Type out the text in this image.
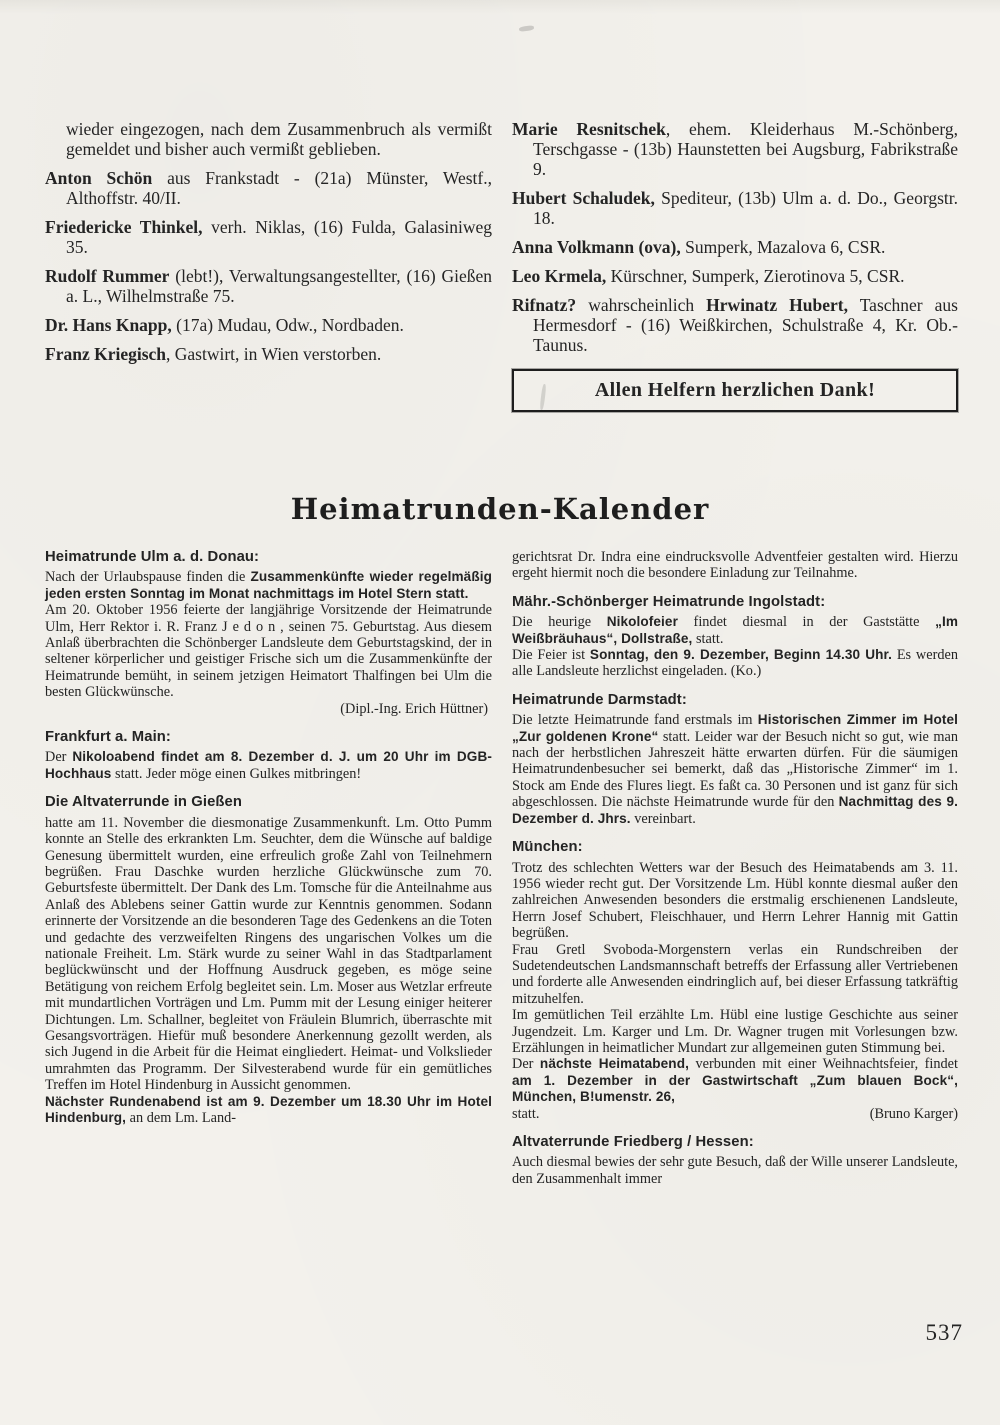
wieder eingezogen, nach dem Zusammenbruch als vermißt gemeldet und bisher auch vermißt geblieben.
Anton Schön aus Frankstadt - (21a) Münster, Westf., Althoffstr. 40/II.
Friedericke Thinkel, verh. Niklas, (16) Fulda, Galasiniweg 35.
Rudolf Rummer (lebt!), Verwaltungsangestellter, (16) Gießen a. L., Wilhelmstraße 75.
Dr. Hans Knapp, (17a) Mudau, Odw., Nordbaden.
Franz Kriegisch, Gastwirt, in Wien verstorben.
Marie Resnitschek, ehem. Kleiderhaus M.-Schönberg, Terschgasse - (13b) Haunstetten bei Augsburg, Fabrikstraße 9.
Hubert Schaludek, Spediteur, (13b) Ulm a. d. Do., Georgstr. 18.
Anna Volkmann (ova), Sumperk, Mazalova 6, CSR.
Leo Krmela, Kürschner, Sumperk, Zierotinova 5, CSR.
Rifnatz? wahrscheinlich Hrwinatz Hubert, Taschner aus Hermesdorf - (16) Weißkirchen, Schulstraße 4, Kr. Ob.-Taunus.
Allen Helfern herzlichen Dank!
Heimatrunden-Kalender
Heimatrunde Ulm a. d. Donau:

Nach der Urlaubspause finden die Zusammenkünfte wieder regelmäßig jeden ersten Sonntag im Monat nachmittags im Hotel Stern statt.

Am 20. Oktober 1956 feierte der langjährige Vorsitzende der Heimatrunde Ulm, Herr Rektor i. R. Franz J e d o n , seinen 75. Geburtstag. Aus diesem Anlaß überbrachten die Schönberger Landsleute dem Geburtstagskind, der in seltener körperlicher und geistiger Frische sich um die Zusammenkünfte der Heimatrunde bemüht, in seinem jetzigen Heimatort Thalfingen bei Ulm die besten Glückwünsche.

(Dipl.-Ing. Erich Hüttner)
Frankfurt a. Main:

Der Nikoloabend findet am 8. Dezember d. J. um 20 Uhr im DGB-Hochhaus statt. Jeder möge einen Gulkes mitbringen!

Die Altvaterrunde in Gießen

hatte am 11. November die diesmonatige Zusammenkunft. Lm. Otto Pumm konnte an Stelle des erkrankten Lm. Seuchter, dem die Wünsche auf baldige Genesung übermittelt wurden, eine erfreulich große Zahl von Teilnehmern begrüßen. Frau Daschke wurden herzliche Glückwünsche zum 70. Geburtsfeste übermittelt. Der Dank des Lm. Tomsche für die Anteilnahme aus Anlaß des Ablebens seiner Gattin wurde zur Kenntnis genommen. Sodann erinnerte der Vorsitzende an die besonderen Tage des Gedenkens an die Toten und gedachte des verzweifelten Ringens des ungarischen Volkes um die nationale Freiheit. Lm. Stärk wurde zu seiner Wahl in das Stadtparlament beglückwünscht und der Hoffnung Ausdruck gegeben, es möge seine Betätigung von reichem Erfolg begleitet sein. Lm. Moser aus Wetzlar erfreute mit mundartlichen Vorträgen und Lm. Pumm mit der Lesung einiger heiterer Dichtungen. Lm. Schallner, begleitet von Fräulein Blumrich, überraschte mit Gesangsvorträgen. Hiefür muß besondere Anerkennung gezollt werden, als sich Jugend in die Arbeit für die Heimat eingliedert. Heimat- und Volkslieder umrahmten das Programm. Der Silvesterabend wurde für ein gemütliches Treffen im Hotel Hindenburg in Aussicht genommen.

Nächster Rundenabend ist am 9. Dezember um 18.30 Uhr im Hotel Hindenburg, an dem Lm. Land-

gerichtsrat Dr. Indra eine eindrucksvolle Adventfeier gestalten wird. Hierzu ergeht hiermit noch die besondere Einladung zur Teilnahme.

Mähr.-Schönberger Heimatrunde Ingolstadt:

Die heurige Nikolofeier findet diesmal in der Gaststätte „Im Weißbräuhaus“, Dollstraße, statt.

Die Feier ist Sonntag, den 9. Dezember, Beginn 14.30 Uhr. Es werden alle Landsleute herzlichst eingeladen. (Ko.)

Heimatrunde Darmstadt:

Die letzte Heimatrunde fand erstmals im Historischen Zimmer im Hotel „Zur goldenen Krone“ statt. Leider war der Besuch nicht so gut, wie man nach der herbstlichen Jahreszeit hätte erwarten dürfen. Für die säumigen Heimatrundenbesucher sei bemerkt, daß das „Historische Zimmer“ im 1. Stock am Ende des Flures liegt. Es faßt ca. 30 Personen und ist ganz für sich abgeschlossen. Die nächste Heimatrunde wurde für den Nachmittag des 9. Dezember d. Jhrs. vereinbart.

München:

Trotz des schlechten Wetters war der Besuch des Heimatabends am 3. 11. 1956 wieder recht gut. Der Vorsitzende Lm. Hübl konnte diesmal außer den zahlreichen Anwesenden besonders die erstmalig erschienenen Landsleute, Herrn Josef Schubert, Fleischhauer, und Herrn Lehrer Hannig mit Gattin begrüßen.

Frau Gretl Svoboda-Morgenstern verlas ein Rundschreiben der Sudetendeutschen Landsmannschaft betreffs der Erfassung aller Vertriebenen und forderte alle Anwesenden eindringlich auf, bei dieser Erfassung tatkräftig mitzuhelfen.

Im gemütlichen Teil erzählte Lm. Hübl eine lustige Geschichte aus seiner Jugendzeit. Lm. Karger und Lm. Dr. Wagner trugen mit Vorlesungen bzw. Erzählungen in heimatlicher Mundart zur allgemeinen guten Stimmung bei.

Der nächste Heimatabend, verbunden mit einer Weihnachtsfeier, findet am 1. Dezember in der Gastwirtschaft „Zum blauen Bock“, München, B!umenstr. 26,

statt.	(Bruno Karger)
Altvaterrunde Friedberg / Hessen:

Auch diesmal bewies der sehr gute Besuch, daß der Wille unserer Landsleute, den Zusammenhalt immer

537
